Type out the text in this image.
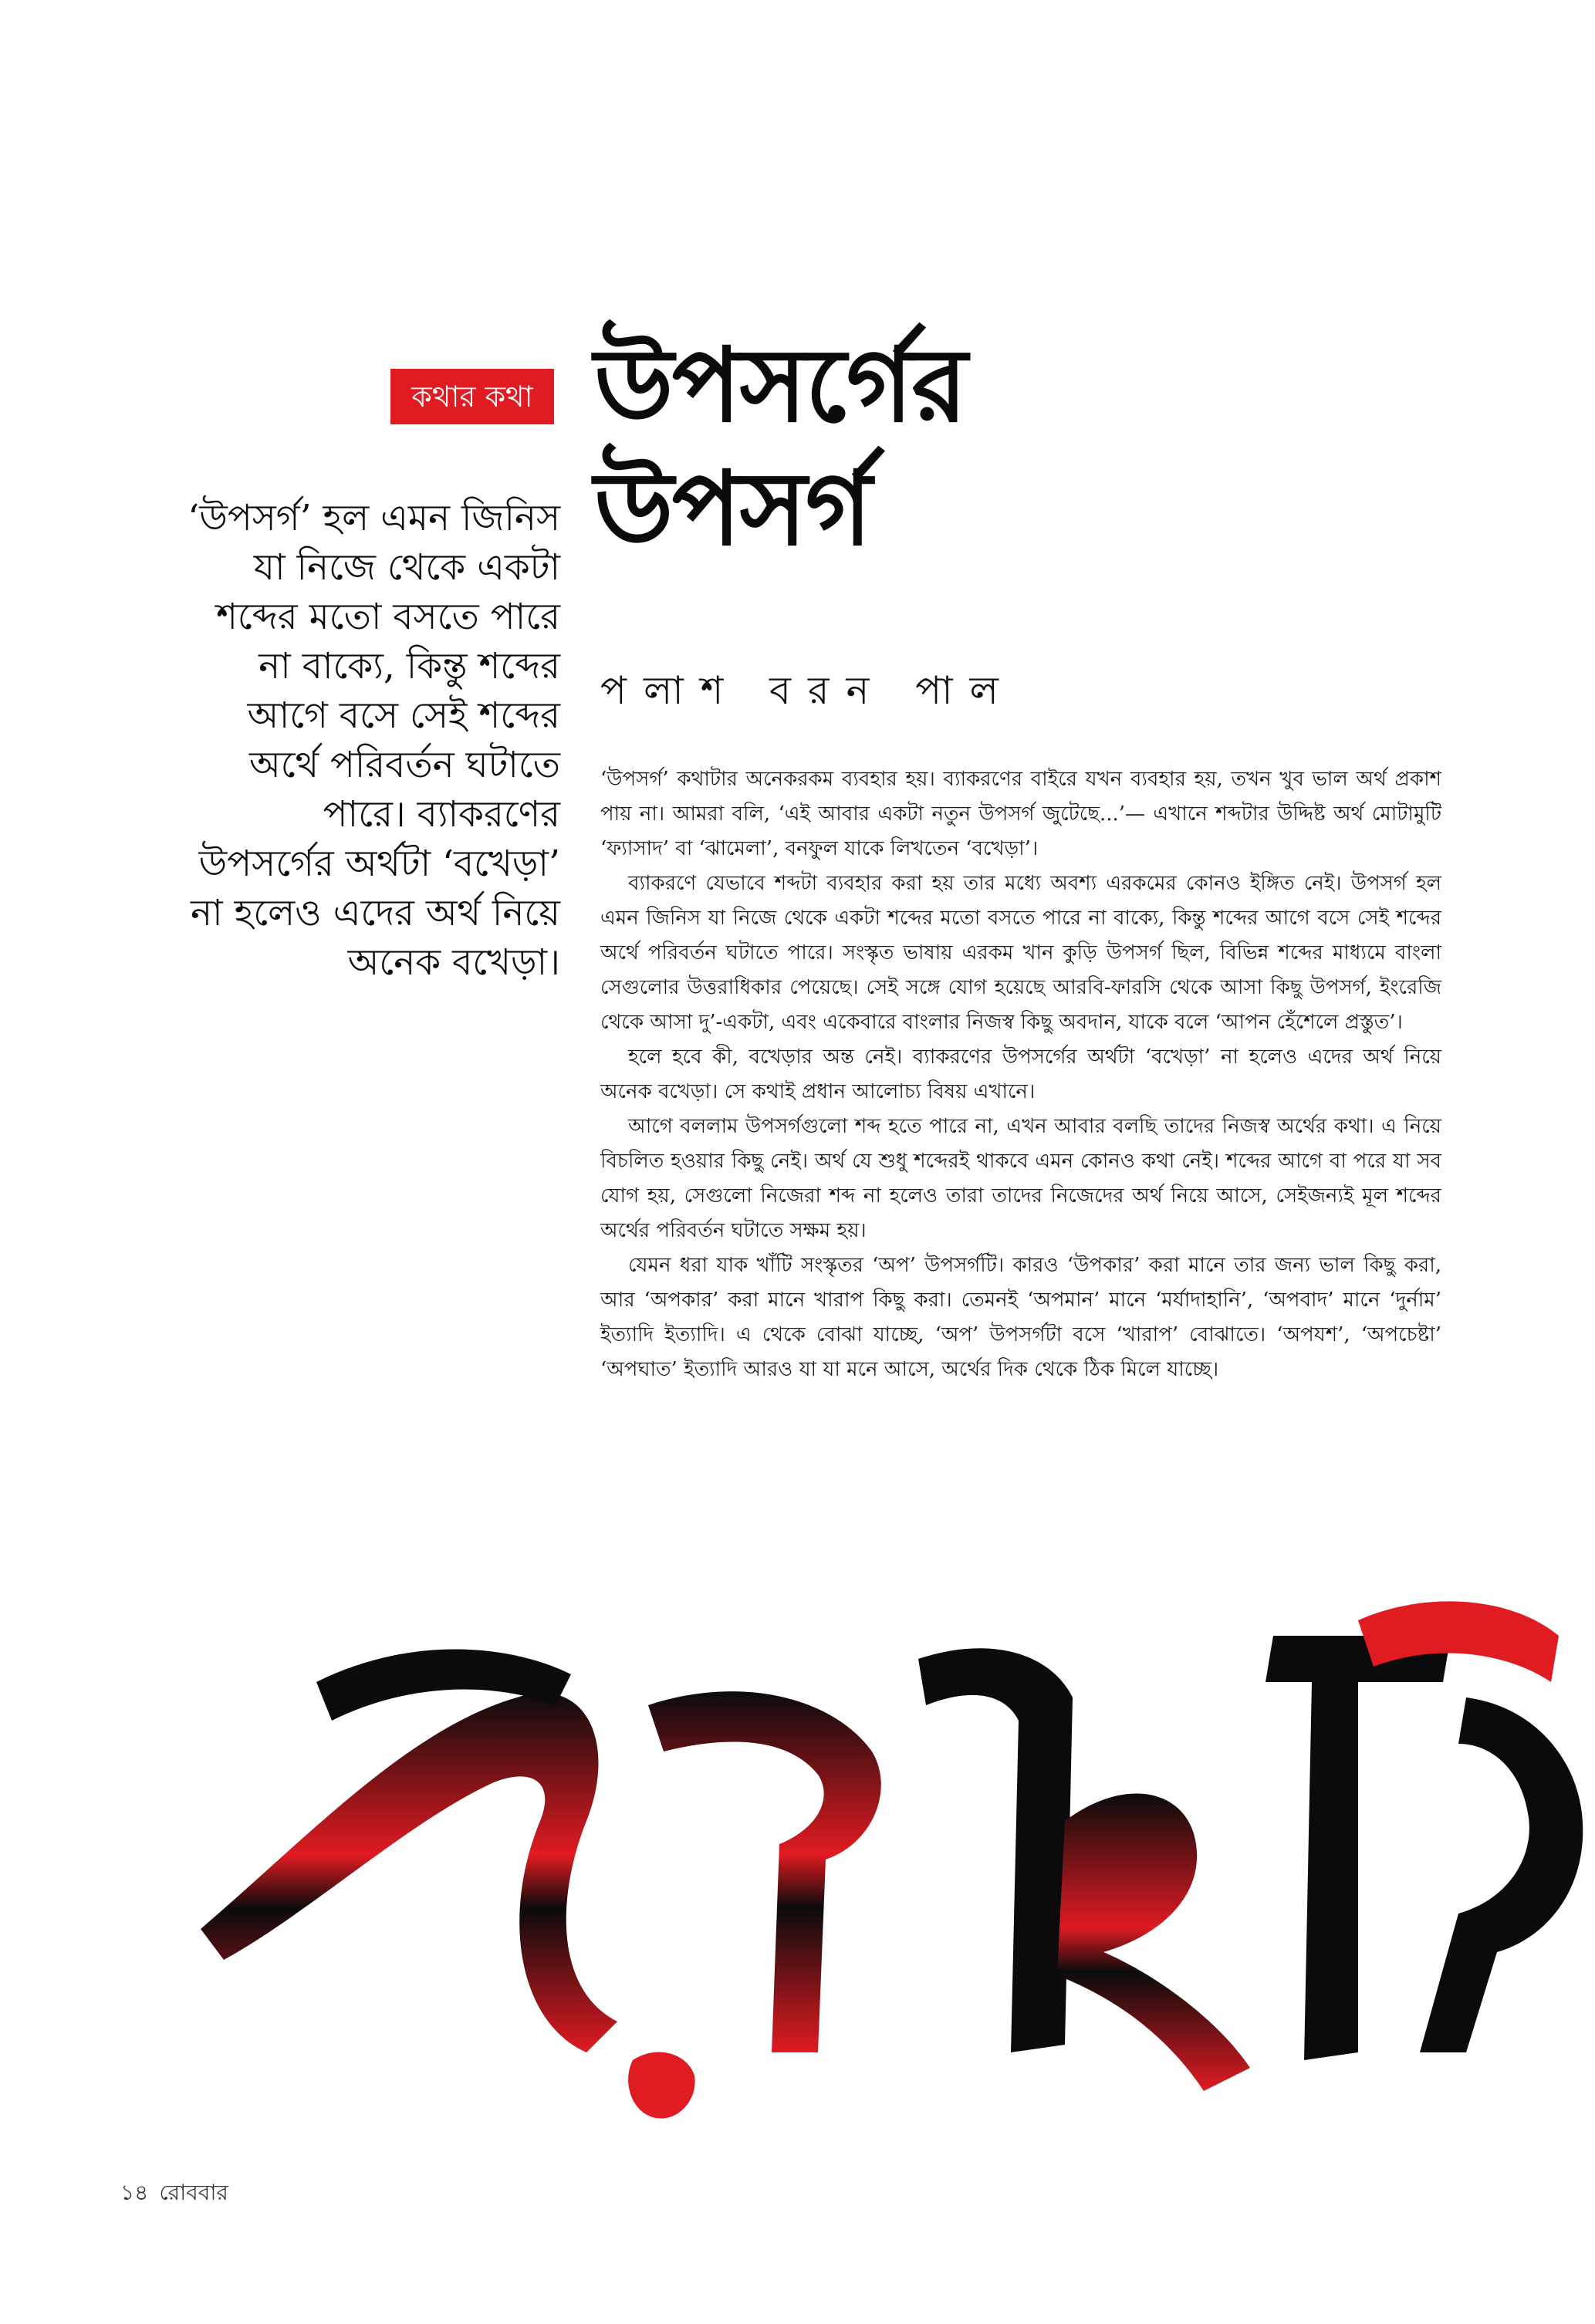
কথার কথা উপসর্গের
উপসর্গ
পলাশ বরন পাল
‘উপসর্গ’ হল এমন জিনিস যা নিজে থেকে একটা শব্দের মতো বসতে পারে না বাক্যে, কিন্তু শব্দের আগে বসে সেই শব্দের অর্থে পরিবর্তন ঘটাতে পারে। ব্যাকরণের উপসর্গের অর্থটা ‘বখেড়া’ না হলেও এদের অর্থ নিয়ে অনেক বখেড়া।

‘উপসর্গ’ কথাটার অনেকরকম ব্যবহার হয়। ব্যাকরণের বাইরে যখন ব্যবহার হয়, তখন খুব ভাল অর্থ প্রকাশ পায় না। আমরা বলি, ‘এই আবার একটা নতুন উপসর্গ জুটেছে...’— এখানে শব্দটার উদ্দিষ্ট অর্থ মোটামুটি ‘ফ্যাসাদ’ বা ‘ঝামেলা’, বনফুল যাকে লিখতেন ‘বখেড়া’।

ব্যাকরণে যেভাবে শব্দটা ব্যবহার করা হয় তার মধ্যে অবশ্য এরকমের কোনও ইঙ্গিত নেই। উপসর্গ হল এমন জিনিস যা নিজে থেকে একটা শব্দের মতো বসতে পারে না বাক্যে, কিন্তু শব্দের আগে বসে সেই শব্দের অর্থে পরিবর্তন ঘটাতে পারে। সংস্কৃত ভাষায় এরকম খান কুড়ি উপসর্গ ছিল, বিভিন্ন শব্দের মাধ্যমে বাংলা সেগুলোর উত্তরাধিকার পেয়েছে। সেই সঙ্গে যোগ হয়েছে আরবি-ফারসি থেকে আসা কিছু উপসর্গ, ইংরেজি থেকে আসা দু’-একটা, এবং একেবারে বাংলার নিজস্ব কিছু অবদান, যাকে বলে ‘আপন হেঁশেলে প্রস্তুত’।

হলে হবে কী, বখেড়ার অন্ত নেই। ব্যাকরণের উপসর্গের অর্থটা ‘বখেড়া’ না হলেও এদের অর্থ নিয়ে অনেক বখেড়া। সে কথাই প্রধান আলোচ্য বিষয় এখানে।

আগে বললাম উপসর্গগুলো শব্দ হতে পারে না, এখন আবার বলছি তাদের নিজস্ব অর্থের কথা। এ নিয়ে বিচলিত হওয়ার কিছু নেই। অর্থ যে শুধু শব্দেরই থাকবে এমন কোনও কথা নেই। শব্দের আগে বা পরে যা সব যোগ হয়, সেগুলো নিজেরা শব্দ না হলেও তারা তাদের নিজেদের অর্থ নিয়ে আসে, সেইজন্যই মূল শব্দের অর্থের পরিবর্তন ঘটাতে সক্ষম হয়।

যেমন ধরা যাক খাঁটি সংস্কৃতর ‘অপ’ উপসর্গটি। কারও ‘উপকার’ করা মানে তার জন্য ভাল কিছু করা, আর ‘অপকার’ করা মানে খারাপ কিছু করা। তেমনই ‘অপমান’ মানে ‘মর্যাদাহানি’, ‘অপবাদ’ মানে ‘দুর্নাম’ ইত্যাদি ইত্যাদি। এ থেকে বোঝা যাচ্ছে, ‘অপ’ উপসর্গটা বসে ‘খারাপ’ বোঝাতে। ‘অপযশ’, ‘অপচেষ্টা’ ‘অপঘাত’ ইত্যাদি আরও যা যা মনে আসে, অর্থের দিক থেকে ঠিক মিলে যাচ্ছে।

১৪ রোববার
